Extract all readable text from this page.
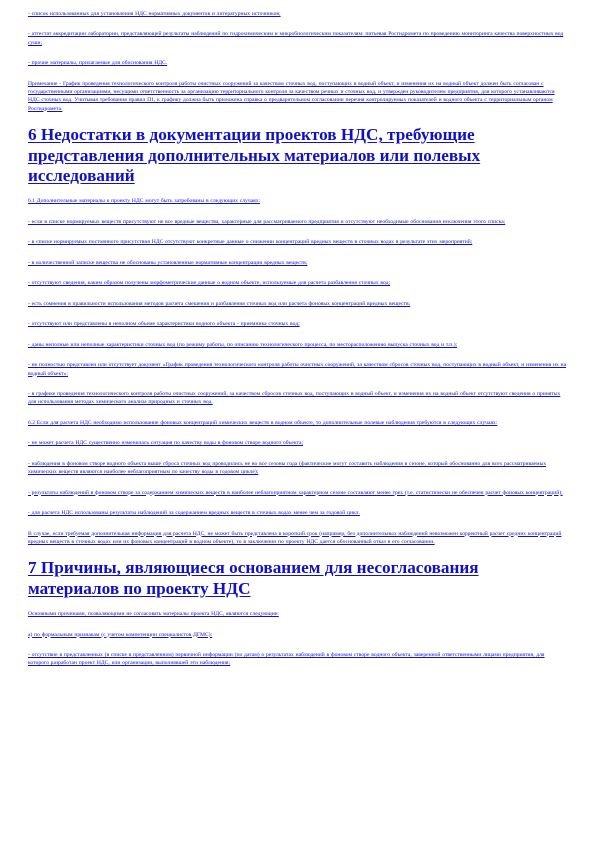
- список использованных для установления НДС нормативных документов и литературных источников;

- аттестат аккредитации лаборатории, представляющей результаты наблюдений по гидрохимическим и микробиологическим показателям: питьевая Росгидромета по проведению мониторинга качества поверхностных вод суши;

- прочие материалы, прилагаемые для обоснования НДС.

Примечание - График проведения технологического контроля работы очистных сооружений за качеством сточных вод, поступающих в водный объект, и изменения их на водный объект должен быть согласован с государственными организациями, несущими ответственность за организацию территориального контроля за качеством речных и сточных вод, и утвержден руководителем предприятия, для которого устанавливаются НДС сточных вод. Учитывая требования правил П1, к графику должна быть приложена справка о предварительном согласовании перечня контролируемых показателей и водного объекта с территориальным органом Росгидромета.

6 Недостатки в документации проектов НДС, требующие представления дополнительных материалов или полевых исследований

6.1 Дополнительные материалы к проекту НДС могут быть затребованы в следующих случаях:

- если в списке нормируемых веществ присутствуют не все вредные вещества, характерные для рассматриваемого предприятия и отсутствуют необходимые обоснования исключения этого списка;

- в списке нормируемых постоянного присутствия НДС отсутствуют конкретные данные о снижении концентраций вредных веществ в сточных водах в результате этих мероприятий;

- в количественной записке вещества не обоснованы установленные нормативные концентрации вредных веществ;

- отсутствуют сведения, каким образом получены морфометрические данные о водном объекте, используемые для расчета разбавления сточных вод;

- есть сомнения в правильности использования методов расчета смешения и разбавления сточных вод или расчета фоновых концентраций вредных веществ;

- отсутствуют или представлены в неполном объеме характеристики водного объекта - приемника сточных вод;

- даны неполные или неполные характеристики сточных вод (по режиму работы, по описанию технологического процесса, по месторасположению выпуска сточных вод и т.п.);

- не полностью представлен или отсутствует документ «График проведения технологического контроля работы очистных сооружений, за качеством сбросов сточных вод, поступающих в водный объект, и изменения их на водный объект»;

- в графике проведения технологического контроля работы очистных сооружений, за качеством сбросов сточных вод, поступающих в водный объект, и изменения их на водный объект отсутствуют сведения о принятых для использования методах химического анализа природных и сточных вод.

6.2 Если для расчета НДС необходимо использование фоновых концентраций химических веществ в водном объекте, то дополнительные полевые наблюдения требуются в следующих случаях:

- не может расчета НДС существенно изменилась ситуация по качеству воды в фоновом створе водного объекта;

- наблюдения в фоновом створе водного объекта выше сброса сточных вод проводились не во все сезоны года (фактические могут составить наблюдения в сезоне, который обоснованно для всех рассматриваемых химических веществ являются наиболее неблагоприятным по качеству воды в годовом цикле);

- результаты наблюдений в фоновом створе за содержанием химических веществ в наиболее неблагоприятном характерном сезоне составляют менее трех (т.е. статистически не обеспечен расчет фоновых концентраций);

- для расчета НДС использованы результаты наблюдений за содержанием вредных веществ в сточных водах менее чем за годовой цикл.

В случае, если требуемая дополнительная информация для расчета НДС, не может быть представлена в короткий срок (например, без дополнительных наблюдений невозможен корректный расчет средних концентраций вредных веществ в сточных водах или их фоновых концентраций в водном объекте), то в заключении по проекту НДС дается обоснованный отказ в его согласовании.

7 Причины, являющиеся основанием для несогласования материалов по проекту НДС

Основными причинами, позволяющими не согласовать материалы проекта НДС, являются следующие:

а) по формальным признакам (с учетом компетенции специалистов ДГМС):

- отсутствие в представленных (в списке в представленном) первичной информации (по датам) о результатах наблюдений в фоновом створе водного объекта, заверенной ответственными лицами предприятия, для которого разработан проект НДС, или организации, выполнявшей эти наблюдения;
